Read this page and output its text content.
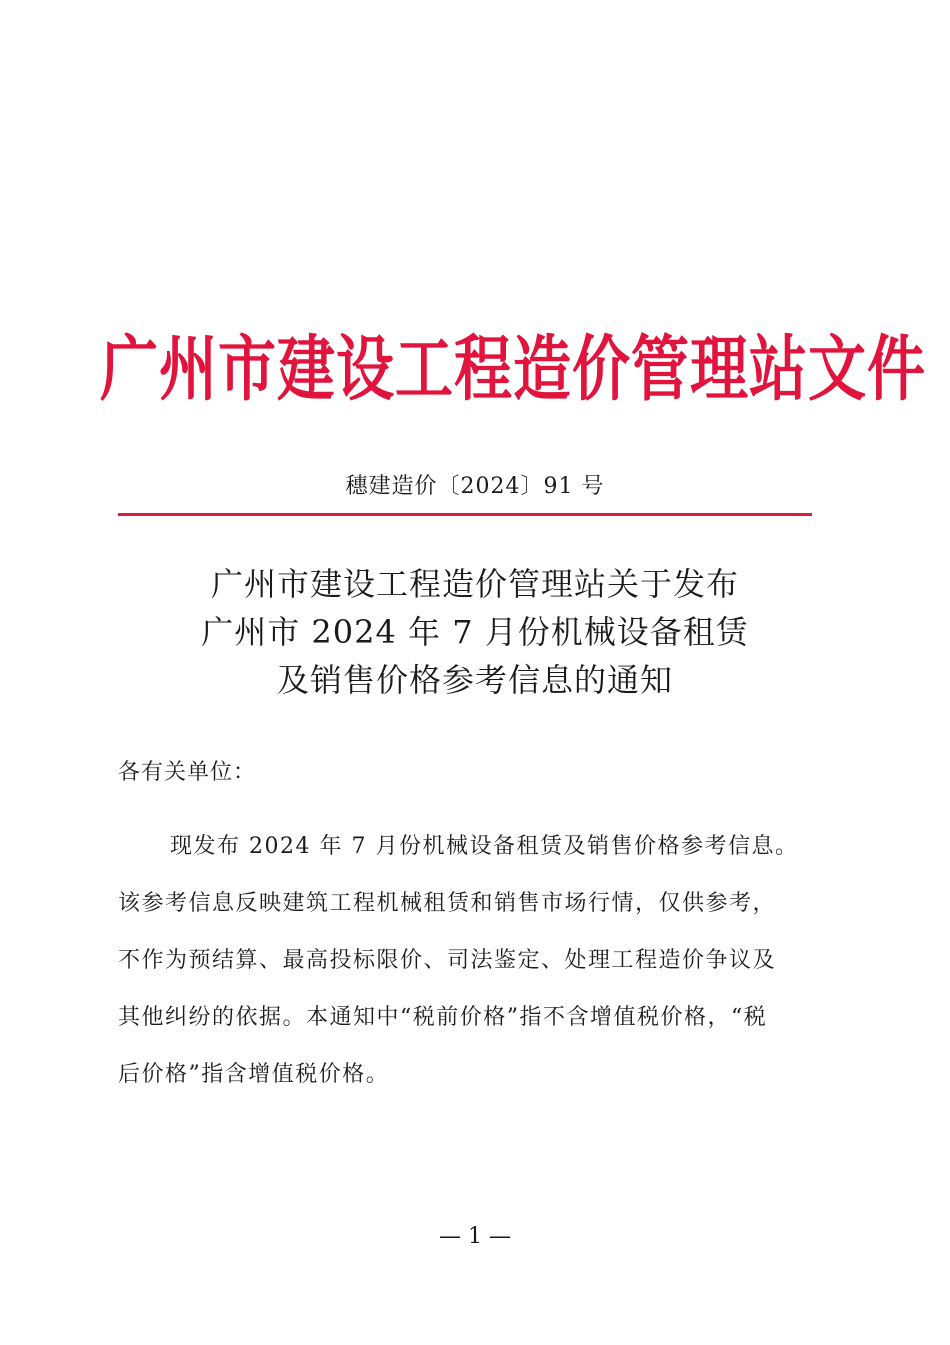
广州市建设工程造价管理站文件
穗建造价〔2024〕91 号
广州市建设工程造价管理站关于发布
广州市 2024 年 7 月份机械设备租赁
及销售价格参考信息的通知
各有关单位：
现发布 2024 年 7 月份机械设备租赁及销售价格参考信息。
该参考信息反映建筑工程机械租赁和销售市场行情，仅供参考，
不作为预结算、最高投标限价、司法鉴定、处理工程造价争议及
其他纠纷的依据。本通知中“税前价格”指不含增值税价格，“税
后价格”指含增值税价格。
— 1 —
